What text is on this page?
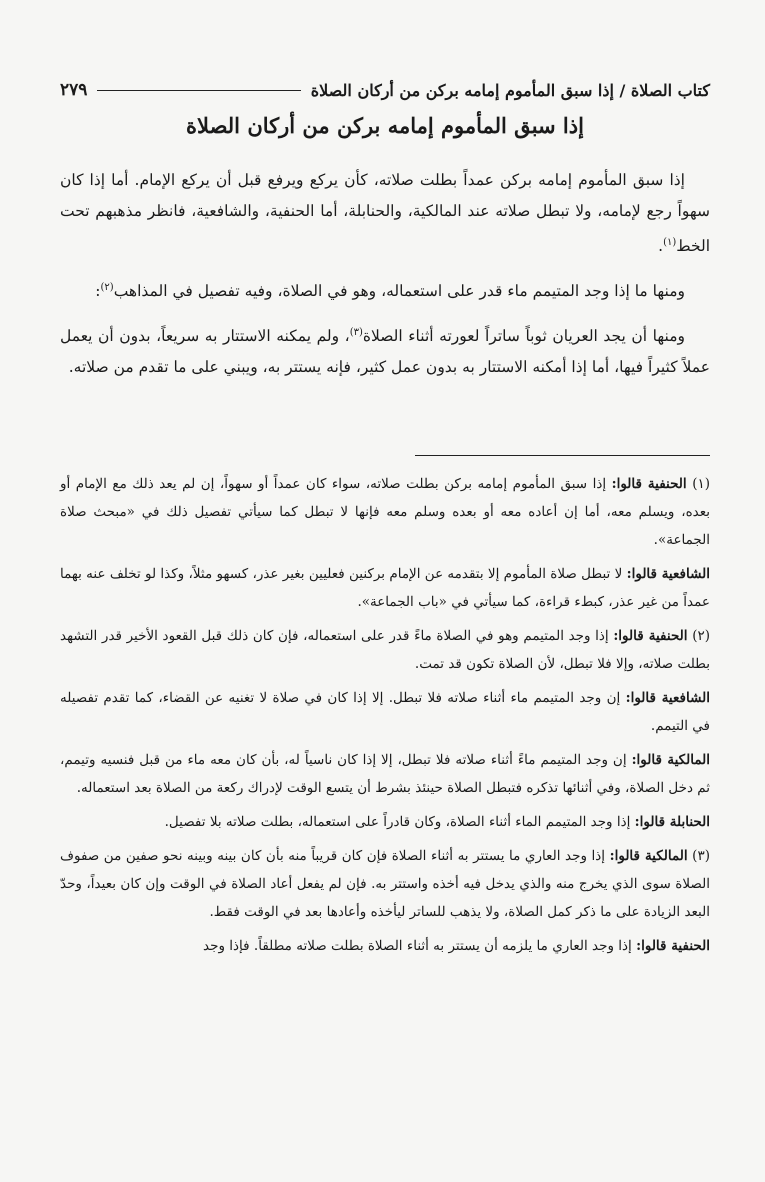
كتاب الصلاة / إذا سبق المأموم إمامه بركن من أركان الصلاة
٢٧٩
إذا سبق المأموم إمامه بركن من أركان الصلاة

إذا سبق المأموم إمامه بركن عمداً بطلت صلاته، كأن يركع ويرفع قبل أن يركع الإمام. أما إذا كان سهواً رجع لإمامه، ولا تبطل صلاته عند المالكية، والحنابلة، أما الحنفية، والشافعية، فانظر مذهبهم تحت الخط$^{(١)}$.

ومنها ما إذا وجد المتيمم ماء قدر على استعماله، وهو في الصلاة، وفيه تفصيل في المذاهب$^{(٢)}$:

ومنها أن يجد العريان ثوباً ساتراً لعورته أثناء الصلاة$^{(٣)}$، ولم يمكنه الاستتار به سريعاً، بدون أن يعمل عملاً كثيراً فيها، أما إذا أمكنه الاستتار به بدون عمل كثير، فإنه يستتر به، ويبني على ما تقدم من صلاته.

(١) الحنفية قالوا: إذا سبق المأموم إمامه بركن بطلت صلاته، سواء كان عمداً أو سهواً، إن لم يعد ذلك مع الإمام أو بعده، ويسلم معه، أما إن أعاده معه أو بعده وسلم معه فإنها لا تبطل كما سيأتي تفصيل ذلك في «مبحث صلاة الجماعة».

الشافعية قالوا: لا تبطل صلاة المأموم إلا بتقدمه عن الإمام بركنين فعليين بغير عذر، كسهو مثلاً، وكذا لو تخلف عنه بهما عمداً من غير عذر، كبطء قراءة، كما سيأتي في «باب الجماعة».

(٢) الحنفية قالوا: إذا وجد المتيمم وهو في الصلاة ماءً قدر على استعماله، فإن كان ذلك قبل القعود الأخير قدر التشهد بطلت صلاته، وإلا فلا تبطل، لأن الصلاة تكون قد تمت.

الشافعية قالوا: إن وجد المتيمم ماء أثناء صلاته فلا تبطل. إلا إذا كان في صلاة لا تغنيه عن القضاء، كما تقدم تفصيله في التيمم.

المالكية قالوا: إن وجد المتيمم ماءً أثناء صلاته فلا تبطل، إلا إذا كان ناسياً له، بأن كان معه ماء من قبل فنسيه وتيمم، ثم دخل الصلاة، وفي أثنائها تذكره فتبطل الصلاة حينئذ بشرط أن يتسع الوقت لإدراك ركعة من الصلاة بعد استعماله.

الحنابلة قالوا: إذا وجد المتيمم الماء أثناء الصلاة، وكان قادراً على استعماله، بطلت صلاته بلا تفصيل.

(٣) المالكية قالوا: إذا وجد العاري ما يستتر به أثناء الصلاة فإن كان قريباً منه بأن كان بينه وبينه نحو صفين من صفوف الصلاة سوى الذي يخرج منه والذي يدخل فيه أخذه واستتر به. فإن لم يفعل أعاد الصلاة في الوقت وإن كان بعيداً، وحدّ البعد الزيادة على ما ذكر كمل الصلاة، ولا يذهب للساتر ليأخذه وأعادها بعد في الوقت فقط.

الحنفية قالوا: إذا وجد العاري ما يلزمه أن يستتر به أثناء الصلاة بطلت صلاته مطلقاً. فإذا وجد
